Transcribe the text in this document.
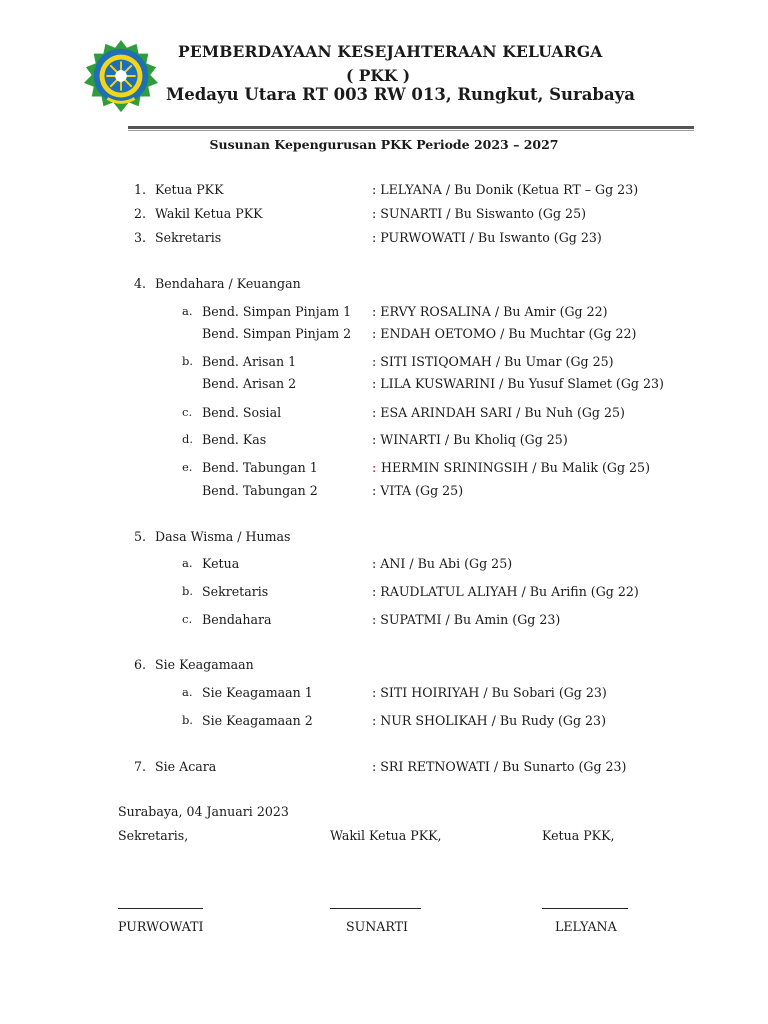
PEMBERDAYAAN KESEJAHTERAAN KELUARGA
( PKK )
Medayu Utara RT 003 RW 013, Rungkut, Surabaya
Susunan Kepengurusan PKK Periode 2023 – 2027
1. Ketua PKK	: LELYANA / Bu Donik (Ketua RT – Gg 23)
2. Wakil Ketua PKK	: SUNARTI / Bu Siswanto (Gg 25)
3. Sekretaris	: PURWOWATI / Bu Iswanto (Gg 23)
4. Bendahara / Keuangan
a. Bend. Simpan Pinjam 1 : ERVY ROSALINA / Bu Amir (Gg 22)
Bend. Simpan Pinjam 2 : ENDAH OETOMO / Bu Muchtar (Gg 22)
b. Bend. Arisan 1	: SITI ISTIQOMAH / Bu Umar (Gg 25)
Bend. Arisan 2	: LILA KUSWARINI / Bu Yusuf Slamet (Gg 23)
c. Bend. Sosial	: ESA ARINDAH SARI / Bu Nuh (Gg 25)
d. Bend. Kas	: WINARTI / Bu Kholiq (Gg 25)
e. Bend. Tabungan 1	: HERMIN SRININGSIH / Bu Malik (Gg 25)
Bend. Tabungan 2	: VITA (Gg 25)
5. Dasa Wisma / Humas
a. Ketua	: ANI / Bu Abi (Gg 25)
b. Sekretaris	: RAUDLATUL ALIYAH / Bu Arifin (Gg 22)
c. Bendahara	: SUPATMI / Bu Amin (Gg 23)
6. Sie Keagamaan
a. Sie Keagamaan 1	: SITI HOIRIYAH / Bu Sobari (Gg 23)
b. Sie Keagamaan 2	: NUR SHOLIKAH / Bu Rudy (Gg 23)
7. Sie Acara	: SRI RETNOWATI / Bu Sunarto (Gg 23)
Surabaya, 04 Januari 2023
Sekretaris,	Wakil Ketua PKK,	Ketua PKK,
PURWOWATI	SUNARTI	LELYANA
